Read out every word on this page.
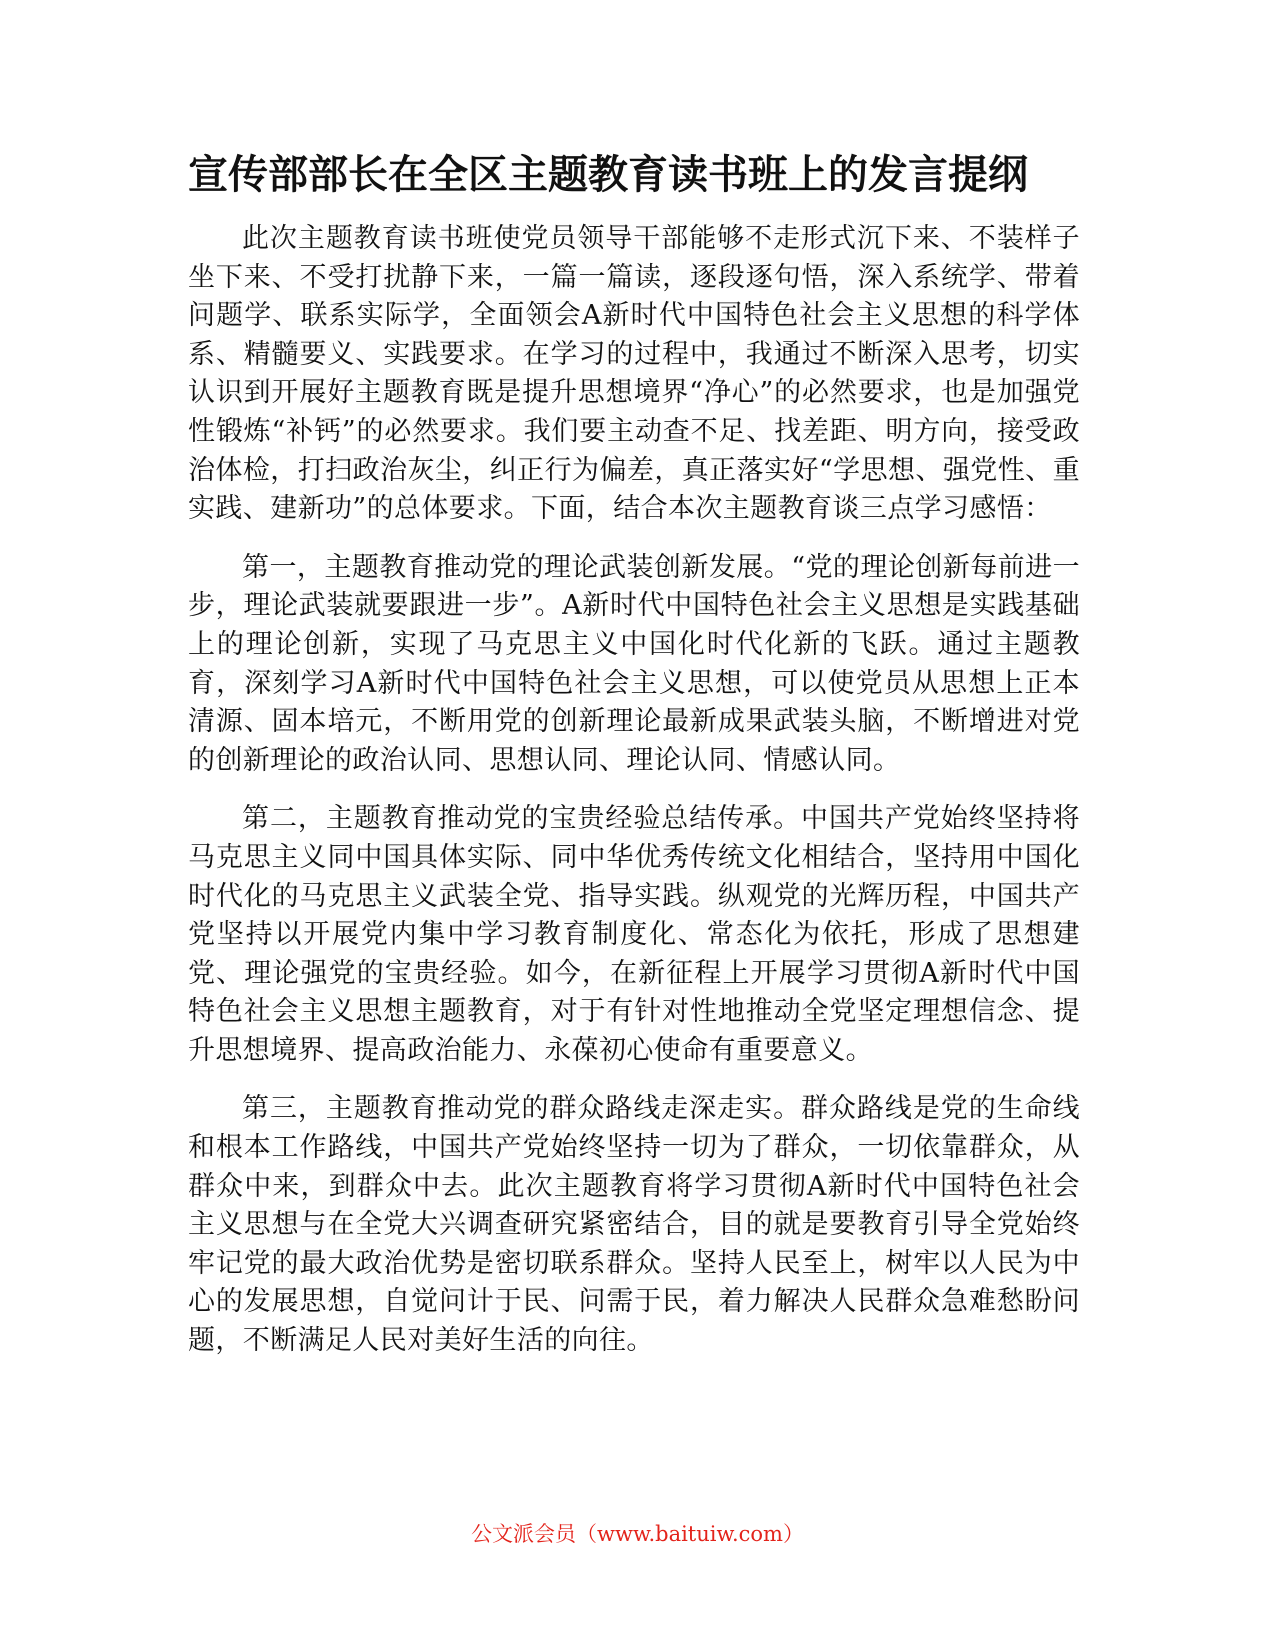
宣传部部长在全区主题教育读书班上的发言提纲

此次主题教育读书班使党员领导干部能够不走形式沉下来、不装样子坐下来、不受打扰静下来，一篇一篇读，逐段逐句悟，深入系统学、带着问题学、联系实际学，全面领会A新时代中国特色社会主义思想的科学体系、精髓要义、实践要求。在学习的过程中，我通过不断深入思考，切实认识到开展好主题教育既是提升思想境界“净心”的必然要求，也是加强党性锻炼“补钙”的必然要求。我们要主动查不足、找差距、明方向，接受政治体检，打扫政治灰尘，纠正行为偏差，真正落实好“学思想、强党性、重实践、建新功”的总体要求。下面，结合本次主题教育谈三点学习感悟：

第一，主题教育推动党的理论武装创新发展。“党的理论创新每前进一步，理论武装就要跟进一步”。A新时代中国特色社会主义思想是实践基础上的理论创新，实现了马克思主义中国化时代化新的飞跃。通过主题教育，深刻学习A新时代中国特色社会主义思想，可以使党员从思想上正本清源、固本培元，不断用党的创新理论最新成果武装头脑，不断增进对党的创新理论的政治认同、思想认同、理论认同、情感认同。

第二，主题教育推动党的宝贵经验总结传承。中国共产党始终坚持将马克思主义同中国具体实际、同中华优秀传统文化相结合，坚持用中国化时代化的马克思主义武装全党、指导实践。纵观党的光辉历程，中国共产党坚持以开展党内集中学习教育制度化、常态化为依托，形成了思想建党、理论强党的宝贵经验。如今，在新征程上开展学习贯彻A新时代中国特色社会主义思想主题教育，对于有针对性地推动全党坚定理想信念、提升思想境界、提高政治能力、永葆初心使命有重要意义。

第三，主题教育推动党的群众路线走深走实。群众路线是党的生命线和根本工作路线，中国共产党始终坚持一切为了群众，一切依靠群众，从群众中来，到群众中去。此次主题教育将学习贯彻A新时代中国特色社会主义思想与在全党大兴调查研究紧密结合，目的就是要教育引导全党始终牢记党的最大政治优势是密切联系群众。坚持人民至上，树牢以人民为中心的发展思想，自觉问计于民、问需于民，着力解决人民群众急难愁盼问题，不断满足人民对美好生活的向往。

公文派会员（www.baituiw.com）
